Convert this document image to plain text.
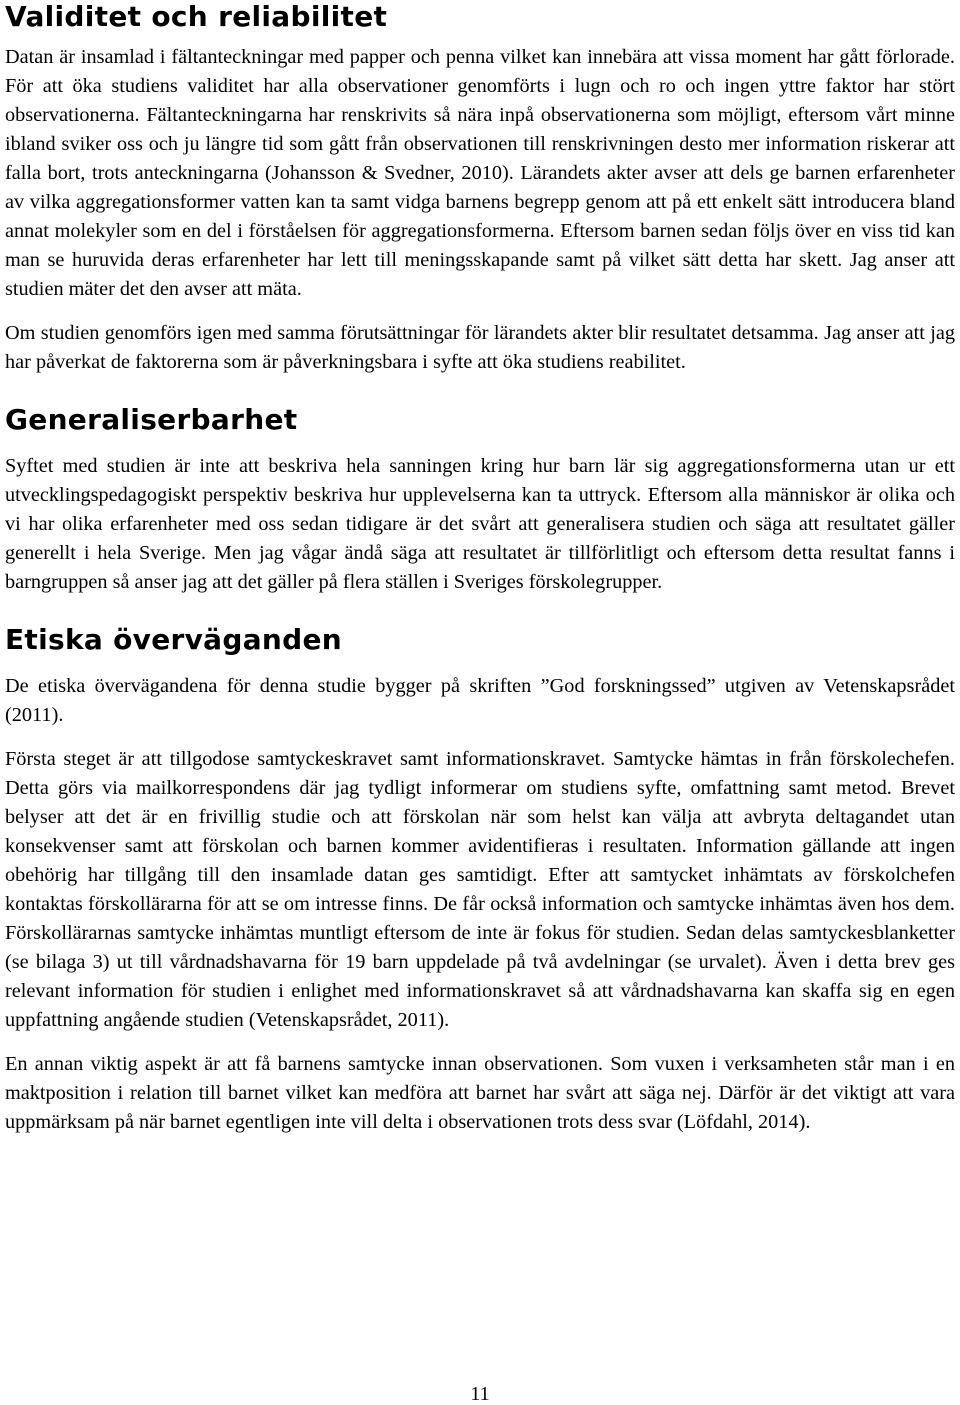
Validitet och reliabilitet

Datan är insamlad i fältanteckningar med papper och penna vilket kan innebära att vissa moment har gått förlorade. För att öka studiens validitet har alla observationer genomförts i lugn och ro och ingen yttre faktor har stört observationerna. Fältanteckningarna har renskrivits så nära inpå observationerna som möjligt, eftersom vårt minne ibland sviker oss och ju längre tid som gått från observationen till renskrivningen desto mer information riskerar att falla bort, trots anteckningarna (Johansson & Svedner, 2010). Lärandets akter avser att dels ge barnen erfarenheter av vilka aggregationsformer vatten kan ta samt vidga barnens begrepp genom att på ett enkelt sätt introducera bland annat molekyler som en del i förståelsen för aggregationsformerna. Eftersom barnen sedan följs över en viss tid kan man se huruvida deras erfarenheter har lett till meningsskapande samt på vilket sätt detta har skett. Jag anser att studien mäter det den avser att mäta.

Om studien genomförs igen med samma förutsättningar för lärandets akter blir resultatet detsamma. Jag anser att jag har påverkat de faktorerna som är påverkningsbara i syfte att öka studiens reabilitet.

Generaliserbarhet

Syftet med studien är inte att beskriva hela sanningen kring hur barn lär sig aggregationsformerna utan ur ett utvecklingspedagogiskt perspektiv beskriva hur upplevelserna kan ta uttryck. Eftersom alla människor är olika och vi har olika erfarenheter med oss sedan tidigare är det svårt att generalisera studien och säga att resultatet gäller generellt i hela Sverige. Men jag vågar ändå säga att resultatet är tillförlitligt och eftersom detta resultat fanns i barngruppen så anser jag att det gäller på flera ställen i Sveriges förskolegrupper.

Etiska överväganden

De etiska övervägandena för denna studie bygger på skriften ”God forskningssed” utgiven av Vetenskapsrådet (2011).

Första steget är att tillgodose samtyckeskravet samt informationskravet. Samtycke hämtas in från förskolechefen. Detta görs via mailkorrespondens där jag tydligt informerar om studiens syfte, omfattning samt metod. Brevet belyser att det är en frivillig studie och att förskolan när som helst kan välja att avbryta deltagandet utan konsekvenser samt att förskolan och barnen kommer avidentifieras i resultaten. Information gällande att ingen obehörig har tillgång till den insamlade datan ges samtidigt. Efter att samtycket inhämtats av förskolchefen kontaktas förskollärarna för att se om intresse finns. De får också information och samtycke inhämtas även hos dem. Förskollärarnas samtycke inhämtas muntligt eftersom de inte är fokus för studien. Sedan delas samtyckesblanketter (se bilaga 3) ut till vårdnadshavarna för 19 barn uppdelade på två avdelningar (se urvalet). Även i detta brev ges relevant information för studien i enlighet med informationskravet så att vårdnadshavarna kan skaffa sig en egen uppfattning angående studien (Vetenskapsrådet, 2011).

En annan viktig aspekt är att få barnens samtycke innan observationen. Som vuxen i verksamheten står man i en maktposition i relation till barnet vilket kan medföra att barnet har svårt att säga nej. Därför är det viktigt att vara uppmärksam på när barnet egentligen inte vill delta i observationen trots dess svar (Löfdahl, 2014).

11
